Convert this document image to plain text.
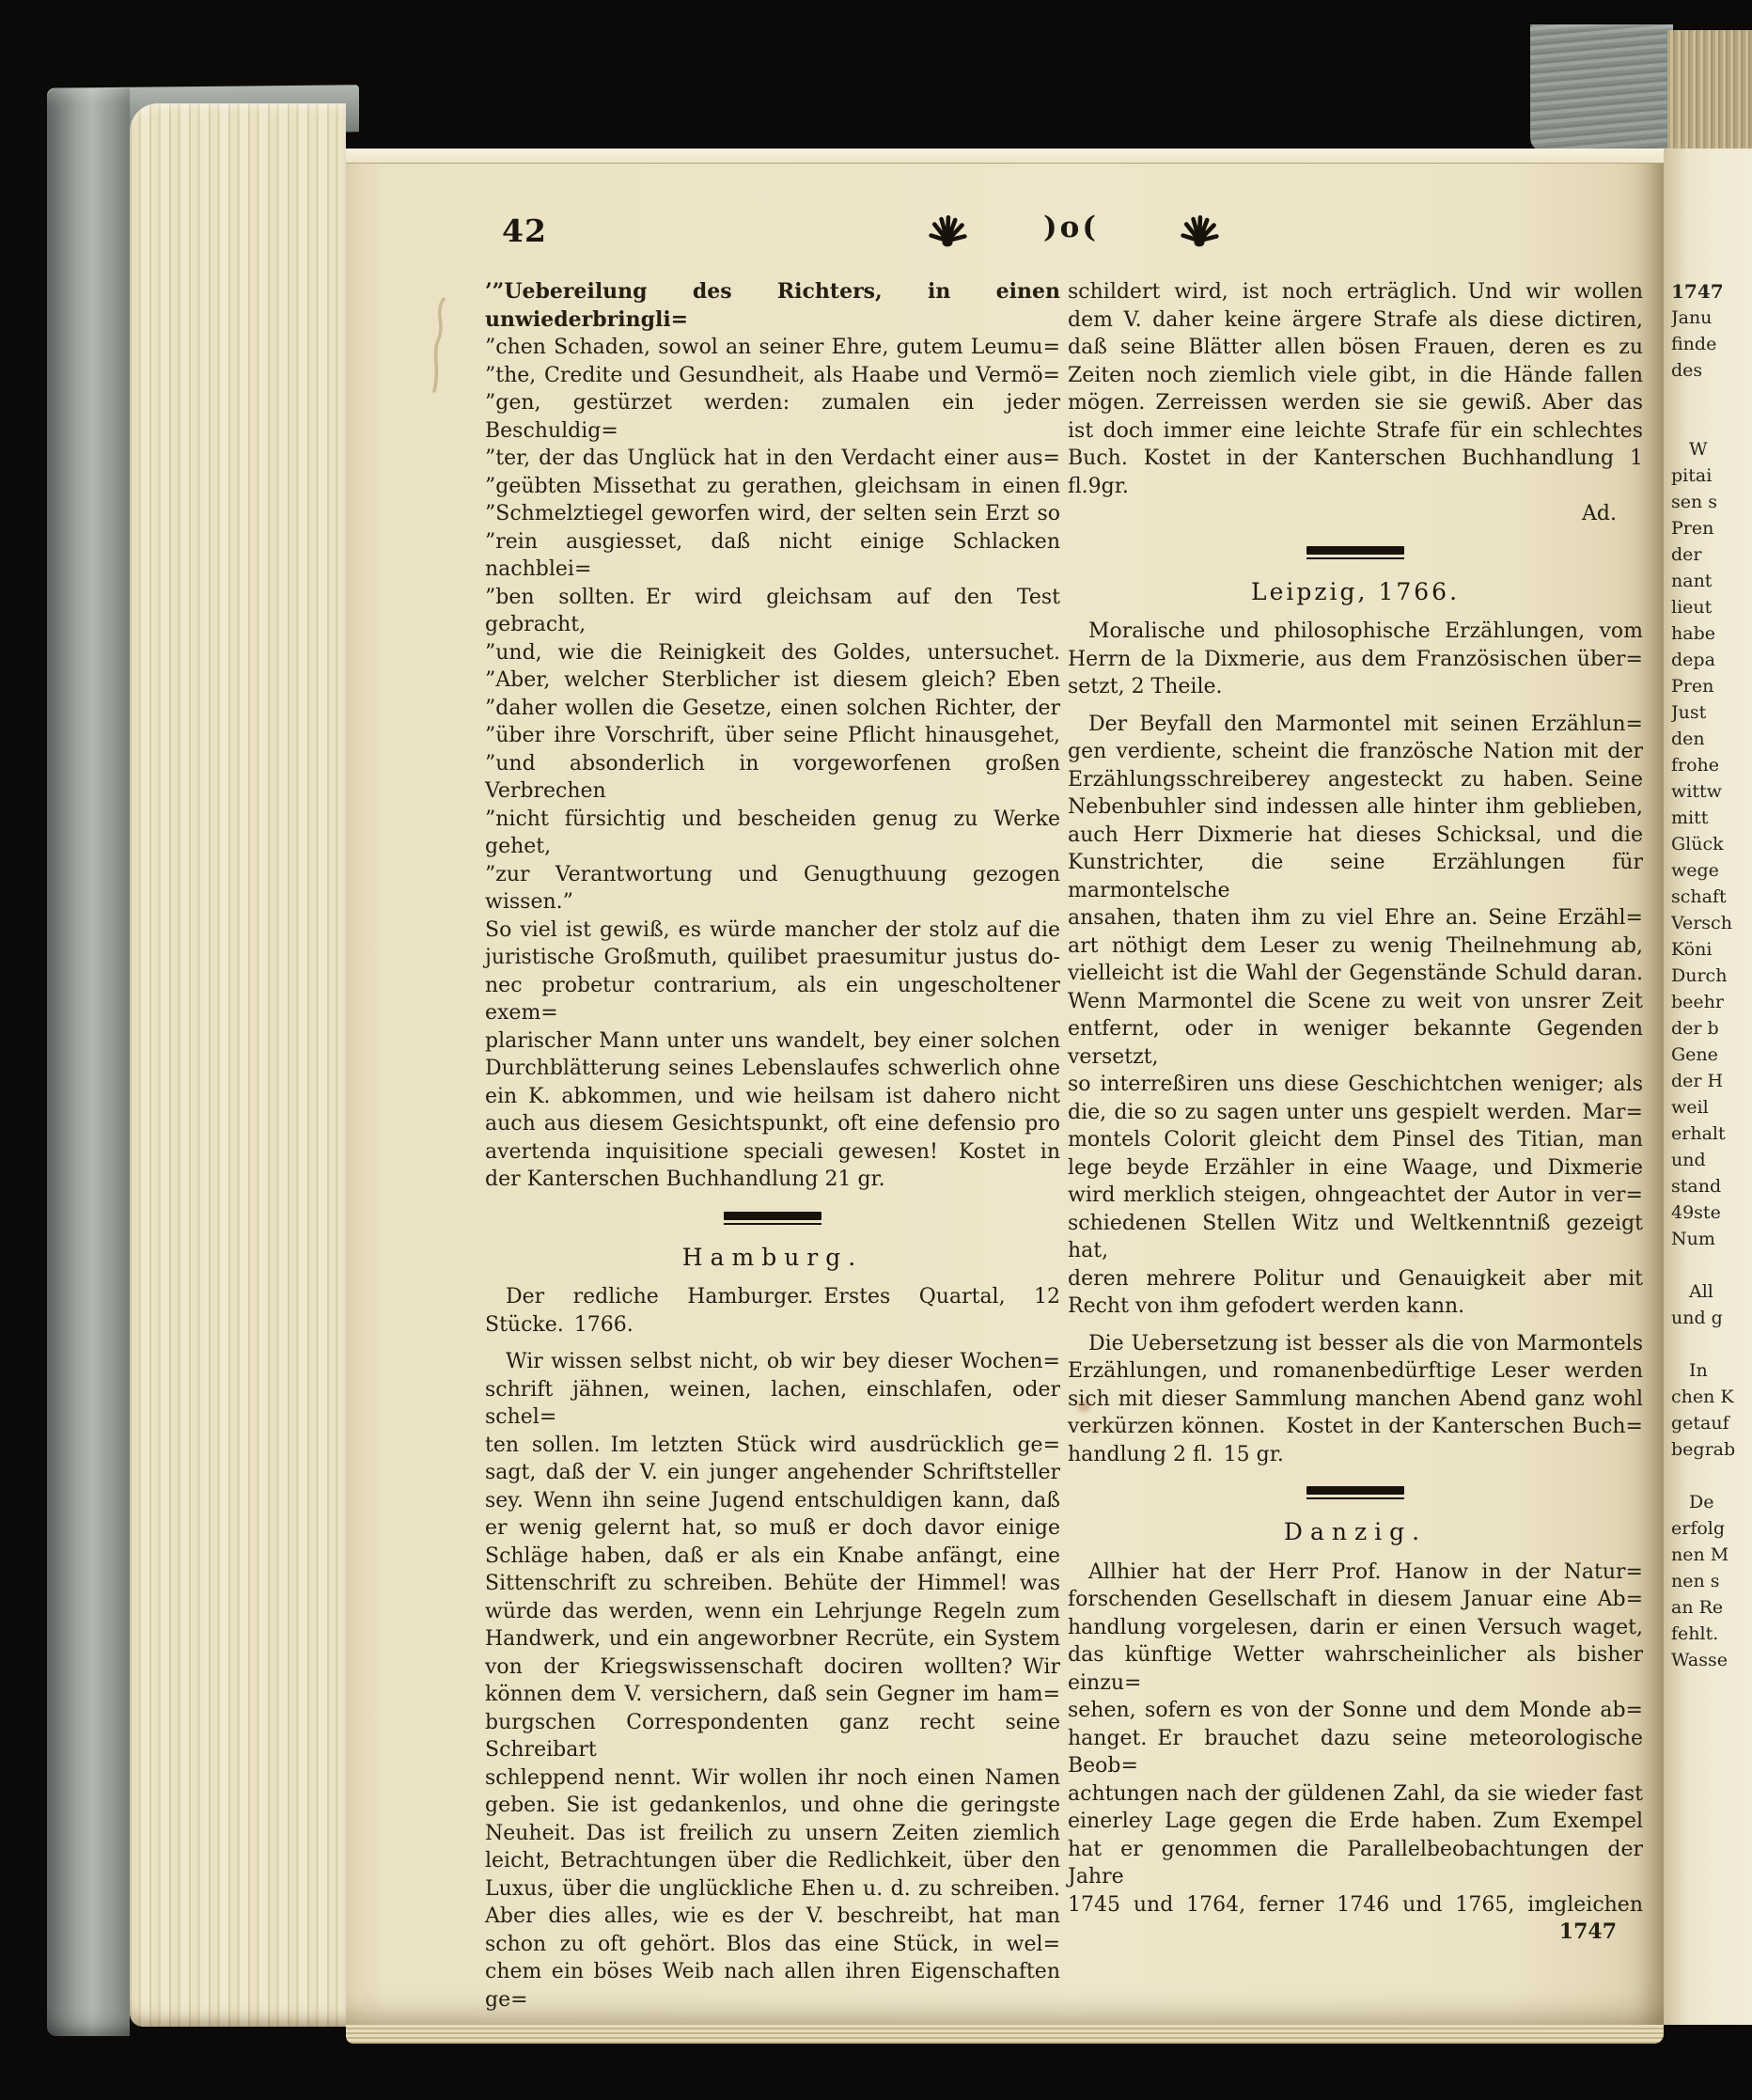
42	)o(
’”Uebereilung des Richters, in einen unwiederbringli=
”chen Schaden, sowol an seiner Ehre, gutem Leumu=
”the, Credite und Gesundheit, als Haabe und Vermö=
”gen, gestürzet werden: zumalen ein jeder Beschuldig=
”ter, der das Unglück hat in den Verdacht einer aus=
”geübten Missethat zu gerathen, gleichsam in einen
”Schmelztiegel geworfen wird, der selten sein Erzt so
”rein ausgiesset, daß nicht einige Schlacken nachblei=
”ben sollten. Er wird gleichsam auf den Test gebracht,
”und, wie die Reinigkeit des Goldes, untersuchet.
”Aber, welcher Sterblicher ist diesem gleich? Eben
”daher wollen die Gesetze, einen solchen Richter, der
”über ihre Vorschrift, über seine Pflicht hinausgehet,
”und absonderlich in vorgeworfenen großen Verbrechen
”nicht fürsichtig und bescheiden genug zu Werke gehet,
”zur Verantwortung und Genugthuung gezogen wissen.”
So viel ist gewiß, es würde mancher der stolz auf die
juristische Großmuth, quilibet praesumitur justus do-
nec probetur contrarium, als ein ungescholtener exem=
plarischer Mann unter uns wandelt, bey einer solchen
Durchblätterung seines Lebenslaufes schwerlich ohne
ein K. abkommen, und wie heilsam ist dahero nicht
auch aus diesem Gesichtspunkt, oft eine defensio pro
avertenda inquisitione speciali gewesen!  Kostet in
der Kanterschen Buchhandlung 21 gr.
Hamburg.
 Der redliche Hamburger. Erstes Quartal, 12
Stücke. 1766.
 Wir wissen selbst nicht, ob wir bey dieser Wochen=
schrift jähnen, weinen, lachen, einschlafen, oder schel=
ten sollen. Im letzten Stück wird ausdrücklich ge=
sagt, daß der V. ein junger angehender Schriftsteller
sey. Wenn ihn seine Jugend entschuldigen kann, daß
er wenig gelernt hat, so muß er doch davor einige
Schläge haben, daß er als ein Knabe anfängt, eine
Sittenschrift zu schreiben. Behüte der Himmel! was
würde das werden, wenn ein Lehrjunge Regeln zum
Handwerk, und ein angeworbner Recrüte, ein System
von der Kriegswissenschaft dociren wollten? Wir
können dem V. versichern, daß sein Gegner im ham=
burgschen Correspondenten ganz recht seine Schreibart
schleppend nennt. Wir wollen ihr noch einen Namen
geben. Sie ist gedankenlos, und ohne die geringste
Neuheit. Das ist freilich zu unsern Zeiten ziemlich
leicht, Betrachtungen über die Redlichkeit, über den
Luxus, über die unglückliche Ehen u. d. zu schreiben.
Aber dies alles, wie es der V. beschreibt, hat man
schon zu oft gehört. Blos das eine Stück, in wel=
chem ein böses Weib nach allen ihren Eigenschaften ge=
schildert wird, ist noch erträglich. Und wir wollen
dem V. daher keine ärgere Strafe als diese dictiren,
daß seine Blätter allen bösen Frauen, deren es zu
Zeiten noch ziemlich viele gibt, in die Hände fallen
mögen. Zerreissen werden sie sie gewiß. Aber das
ist doch immer eine leichte Strafe für ein schlechtes
Buch. Kostet in der Kanterschen Buchhandlung 1 fl.9gr.
Ad.
Leipzig, 1766.
 Moralische und philosophische Erzählungen, vom
Herrn de la Dixmerie, aus dem Französischen über=
setzt, 2 Theile.
 Der Beyfall den Marmontel mit seinen Erzählun=
gen verdiente, scheint die französche Nation mit der
Erzählungsschreiberey angesteckt zu haben. Seine
Nebenbuhler sind indessen alle hinter ihm geblieben,
auch Herr Dixmerie hat dieses Schicksal, und die
Kunstrichter, die seine Erzählungen für marmontelsche
ansahen, thaten ihm zu viel Ehre an. Seine Erzähl=
art nöthigt dem Leser zu wenig Theilnehmung ab,
vielleicht ist die Wahl der Gegenstände Schuld daran.
Wenn Marmontel die Scene zu weit von unsrer Zeit
entfernt, oder in weniger bekannte Gegenden versetzt,
so interreßiren uns diese Geschichtchen weniger; als
die, die so zu sagen unter uns gespielt werden. Mar=
montels Colorit gleicht dem Pinsel des Titian, man
lege beyde Erzähler in eine Waage, und Dixmerie
wird merklich steigen, ohngeachtet der Autor in ver=
schiedenen Stellen Witz und Weltkenntniß gezeigt hat,
deren mehrere Politur und Genauigkeit aber mit
Recht von ihm gefodert werden kann.
 Die Uebersetzung ist besser als die von Marmontels
Erzählungen, und romanenbedürftige Leser werden
sich mit dieser Sammlung manchen Abend ganz wohl
verkürzen können.  Kostet in der Kanterschen Buch=
handlung 2 fl. 15 gr.
Danzig.
 Allhier hat der Herr Prof. Hanow in der Natur=
forschenden Gesellschaft in diesem Januar eine Ab=
handlung vorgelesen, darin er einen Versuch waget,
das künftige Wetter wahrscheinlicher als bisher einzu=
sehen, sofern es von der Sonne und dem Monde ab=
hanget. Er brauchet dazu seine meteorologische Beob=
achtungen nach der güldenen Zahl, da sie wieder fast
einerley Lage gegen die Erde haben. Zum Exempel
hat er genommen die Parallelbeobachtungen der Jahre
1745 und 1764, ferner 1746 und 1765, imgleichen
1747
1747
Janu
finde
des
 W
pitai
sen s
Pren
der
nant
lieut
habe
depa
Pren
Just
den
frohe
wittw
mitt
Glück
wege
schaft
Versch
Köni
Durch
beehr
der b
Gene
der H
weil
erhalt
und
stand
49ste
Num
 All
und g
 In
chen K
getauf
begrab
 De
erfolg
nen M
nen s
an Re
fehlt.
Wasse
